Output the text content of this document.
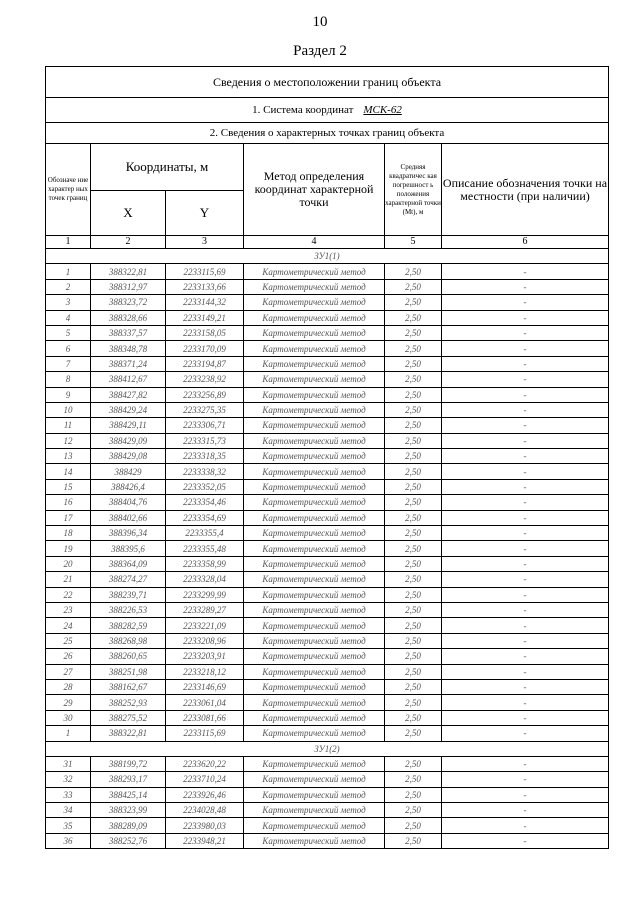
10
Раздел 2
Сведения о местоположении границ объекта					
1. Система координат МСК-62					
2. Сведения о характерных точках границ объекта					
Обозначе ние характер ных точек границ	Координаты, м		Метод определения координат характерной точки	Средняя квадратичес кая погрешност ь положения характерной точки (Mt), м	Описание обозначения точки на местности (при наличии)
	X	Y			
1	2	3	4	5	6
ЗУ1(1)					
1	388322,81	2233115,69	Картометрический метод	2,50	-
2	388312,97	2233133,66	Картометрический метод	2,50	-
3	388323,72	2233144,32	Картометрический метод	2,50	-
4	388328,66	2233149,21	Картометрический метод	2,50	-
5	388337,57	2233158,05	Картометрический метод	2,50	-
6	388348,78	2233170,09	Картометрический метод	2,50	-
7	388371,24	2233194,87	Картометрический метод	2,50	-
8	388412,67	2233238,92	Картометрический метод	2,50	-
9	388427,82	2233256,89	Картометрический метод	2,50	-
10	388429,24	2233275,35	Картометрический метод	2,50	-
11	388429,11	2233306,71	Картометрический метод	2,50	-
12	388429,09	2233315,73	Картометрический метод	2,50	-
13	388429,08	2233318,35	Картометрический метод	2,50	-
14	388429	2233338,32	Картометрический метод	2,50	-
15	388426,4	2233352,05	Картометрический метод	2,50	-
16	388404,76	2233354,46	Картометрический метод	2,50	-
17	388402,66	2233354,69	Картометрический метод	2,50	-
18	388396,34	2233355,4	Картометрический метод	2,50	-
19	388395,6	2233355,48	Картометрический метод	2,50	-
20	388364,09	2233358,99	Картометрический метод	2,50	-
21	388274,27	2233328,04	Картометрический метод	2,50	-
22	388239,71	2233299,99	Картометрический метод	2,50	-
23	388226,53	2233289,27	Картометрический метод	2,50	-
24	388282,59	2233221,09	Картометрический метод	2,50	-
25	388268,98	2233208,96	Картометрический метод	2,50	-
26	388260,65	2233203,91	Картометрический метод	2,50	-
27	388251,98	2233218,12	Картометрический метод	2,50	-
28	388162,67	2233146,69	Картометрический метод	2,50	-
29	388252,93	2233061,04	Картометрический метод	2,50	-
30	388275,52	2233081,66	Картометрический метод	2,50	-
1	388322,81	2233115,69	Картометрический метод	2,50	-
ЗУ1(2)					
31	388199,72	2233620,22	Картометрический метод	2,50	-
32	388293,17	2233710,24	Картометрический метод	2,50	-
33	388425,14	2233926,46	Картометрический метод	2,50	-
34	388323,99	2234028,48	Картометрический метод	2,50	-
35	388289,09	2233980,03	Картометрический метод	2,50	-
36	388252,76	2233948,21	Картометрический метод	2,50	-
